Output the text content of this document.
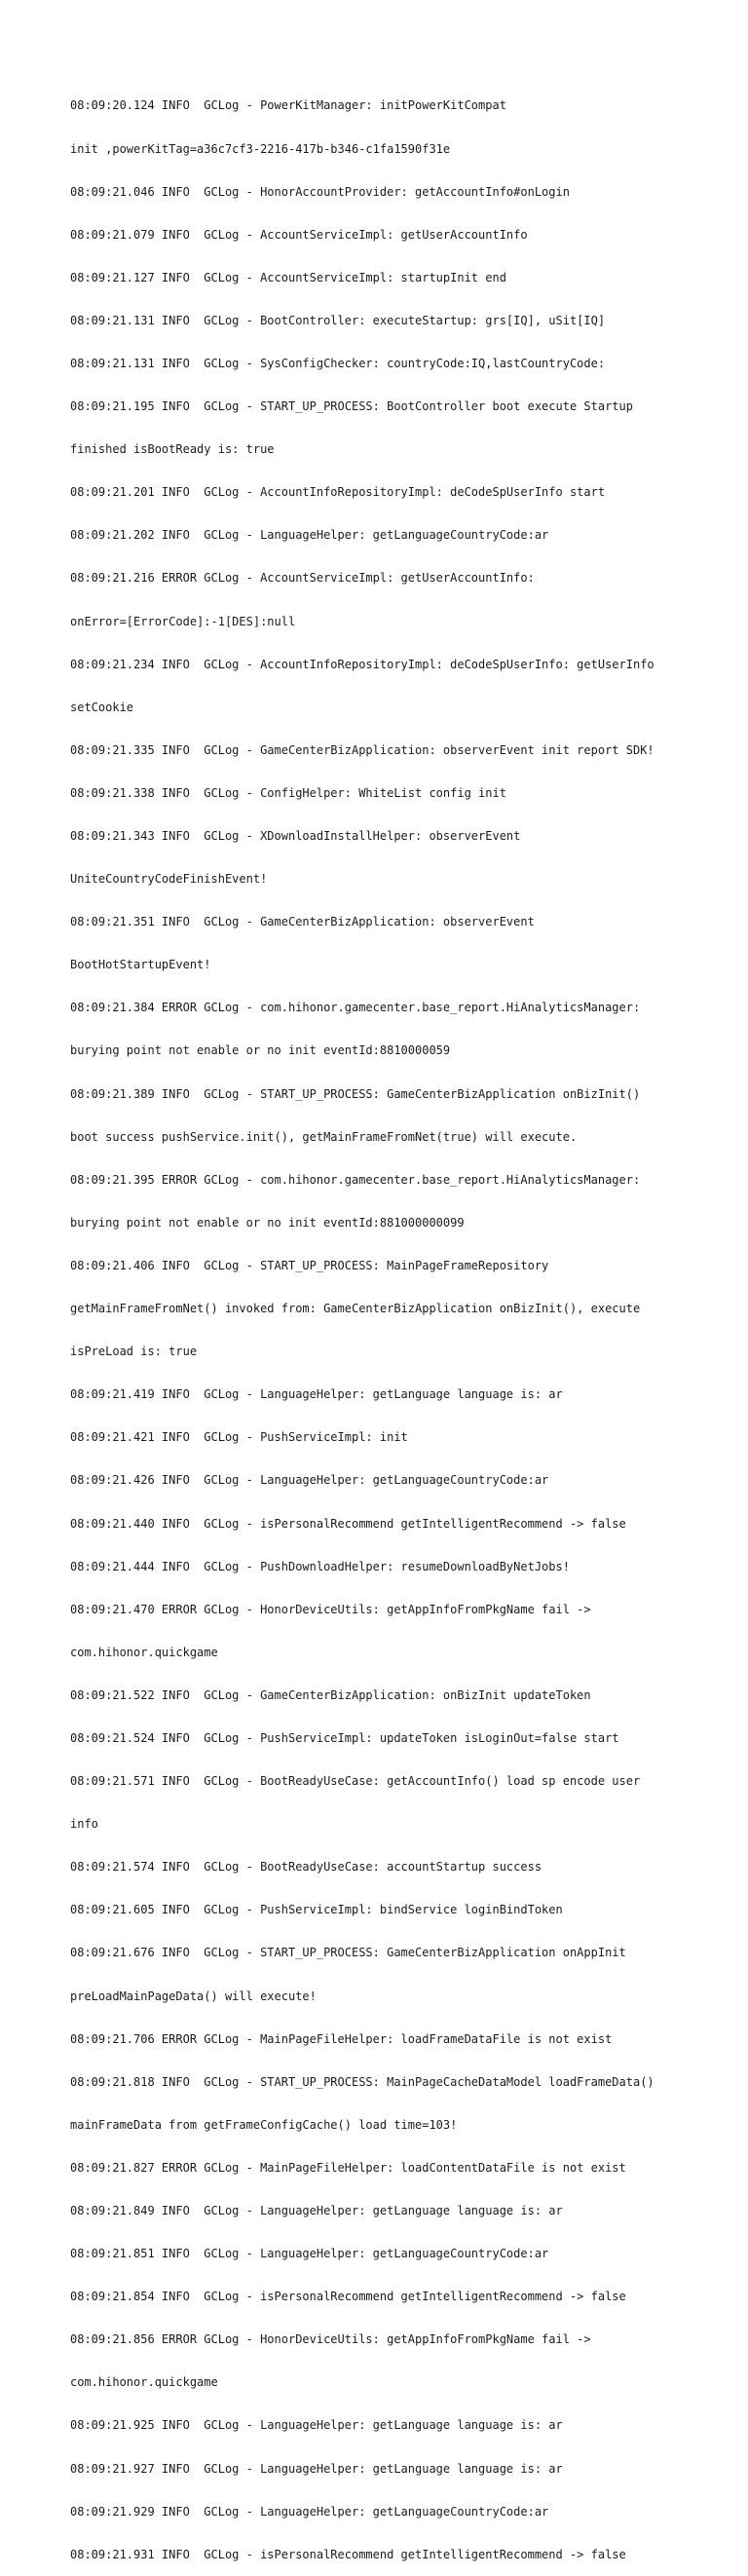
08:09:20.124 INFO  GCLog - PowerKitManager: initPowerKitCompat

init ,powerKitTag=a36c7cf3-2216-417b-b346-c1fa1590f31e

08:09:21.046 INFO  GCLog - HonorAccountProvider: getAccountInfo#onLogin

08:09:21.079 INFO  GCLog - AccountServiceImpl: getUserAccountInfo

08:09:21.127 INFO  GCLog - AccountServiceImpl: startupInit end

08:09:21.131 INFO  GCLog - BootController: executeStartup: grs[IQ], uSit[IQ]

08:09:21.131 INFO  GCLog - SysConfigChecker: countryCode:IQ,lastCountryCode:

08:09:21.195 INFO  GCLog - START_UP_PROCESS: BootController boot execute Startup

finished isBootReady is: true

08:09:21.201 INFO  GCLog - AccountInfoRepositoryImpl: deCodeSpUserInfo start

08:09:21.202 INFO  GCLog - LanguageHelper: getLanguageCountryCode:ar

08:09:21.216 ERROR GCLog - AccountServiceImpl: getUserAccountInfo:

onError=[ErrorCode]:-1[DES]:null

08:09:21.234 INFO  GCLog - AccountInfoRepositoryImpl: deCodeSpUserInfo: getUserInfo

setCookie

08:09:21.335 INFO  GCLog - GameCenterBizApplication: observerEvent init report SDK!

08:09:21.338 INFO  GCLog - ConfigHelper: WhiteList config init

08:09:21.343 INFO  GCLog - XDownloadInstallHelper: observerEvent

UniteCountryCodeFinishEvent!

08:09:21.351 INFO  GCLog - GameCenterBizApplication: observerEvent

BootHotStartupEvent!

08:09:21.384 ERROR GCLog - com.hihonor.gamecenter.base_report.HiAnalyticsManager:

burying point not enable or no init eventId:8810000059

08:09:21.389 INFO  GCLog - START_UP_PROCESS: GameCenterBizApplication onBizInit()

boot success pushService.init(), getMainFrameFromNet(true) will execute.

08:09:21.395 ERROR GCLog - com.hihonor.gamecenter.base_report.HiAnalyticsManager:

burying point not enable or no init eventId:881000000099

08:09:21.406 INFO  GCLog - START_UP_PROCESS: MainPageFrameRepository

getMainFrameFromNet() invoked from: GameCenterBizApplication onBizInit(), execute

isPreLoad is: true

08:09:21.419 INFO  GCLog - LanguageHelper: getLanguage language is: ar

08:09:21.421 INFO  GCLog - PushServiceImpl: init

08:09:21.426 INFO  GCLog - LanguageHelper: getLanguageCountryCode:ar

08:09:21.440 INFO  GCLog - isPersonalRecommend getIntelligentRecommend -> false

08:09:21.444 INFO  GCLog - PushDownloadHelper: resumeDownloadByNetJobs!

08:09:21.470 ERROR GCLog - HonorDeviceUtils: getAppInfoFromPkgName fail ->

com.hihonor.quickgame

08:09:21.522 INFO  GCLog - GameCenterBizApplication: onBizInit updateToken

08:09:21.524 INFO  GCLog - PushServiceImpl: updateToken isLoginOut=false start

08:09:21.571 INFO  GCLog - BootReadyUseCase: getAccountInfo() load sp encode user

info

08:09:21.574 INFO  GCLog - BootReadyUseCase: accountStartup success

08:09:21.605 INFO  GCLog - PushServiceImpl: bindService loginBindToken

08:09:21.676 INFO  GCLog - START_UP_PROCESS: GameCenterBizApplication onAppInit

preLoadMainPageData() will execute!

08:09:21.706 ERROR GCLog - MainPageFileHelper: loadFrameDataFile is not exist

08:09:21.818 INFO  GCLog - START_UP_PROCESS: MainPageCacheDataModel loadFrameData()

mainFrameData from getFrameConfigCache() load time=103!

08:09:21.827 ERROR GCLog - MainPageFileHelper: loadContentDataFile is not exist

08:09:21.849 INFO  GCLog - LanguageHelper: getLanguage language is: ar

08:09:21.851 INFO  GCLog - LanguageHelper: getLanguageCountryCode:ar

08:09:21.854 INFO  GCLog - isPersonalRecommend getIntelligentRecommend -> false

08:09:21.856 ERROR GCLog - HonorDeviceUtils: getAppInfoFromPkgName fail ->

com.hihonor.quickgame

08:09:21.925 INFO  GCLog - LanguageHelper: getLanguage language is: ar

08:09:21.927 INFO  GCLog - LanguageHelper: getLanguage language is: ar

08:09:21.929 INFO  GCLog - LanguageHelper: getLanguageCountryCode:ar

08:09:21.931 INFO  GCLog - isPersonalRecommend getIntelligentRecommend -> false
